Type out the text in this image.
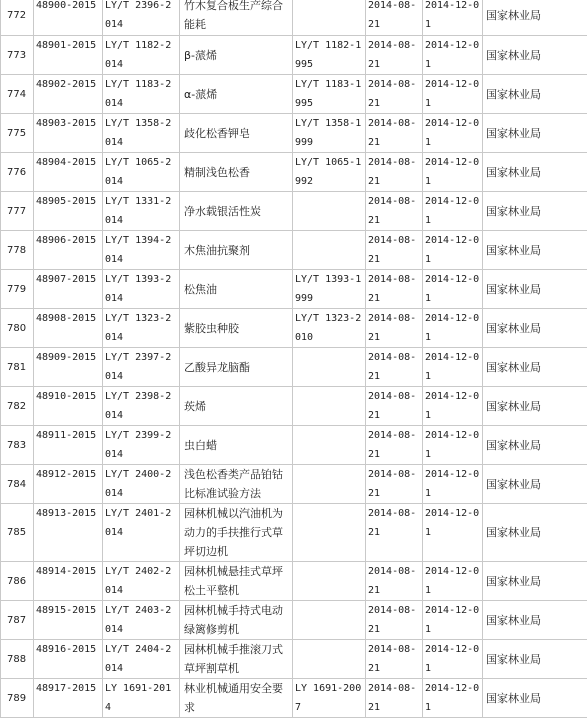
772	48900-2015	LY/T 2396-2014	竹木复合板生产综合能耗		2014-08-21	2014-12-01	国家林业局
773	48901-2015	LY/T 1182-2014	β-蒎烯	LY/T 1182-1995	2014-08-21	2014-12-01	国家林业局
774	48902-2015	LY/T 1183-2014	α-蒎烯	LY/T 1183-1995	2014-08-21	2014-12-01	国家林业局
775	48903-2015	LY/T 1358-2014	歧化松香钾皂	LY/T 1358-1999	2014-08-21	2014-12-01	国家林业局
776	48904-2015	LY/T 1065-2014	精制浅色松香	LY/T 1065-1992	2014-08-21	2014-12-01	国家林业局
777	48905-2015	LY/T 1331-2014	净水载银活性炭		2014-08-21	2014-12-01	国家林业局
778	48906-2015	LY/T 1394-2014	木焦油抗聚剂		2014-08-21	2014-12-01	国家林业局
779	48907-2015	LY/T 1393-2014	松焦油	LY/T 1393-1999	2014-08-21	2014-12-01	国家林业局
780	48908-2015	LY/T 1323-2014	紫胶虫种胶	LY/T 1323-2010	2014-08-21	2014-12-01	国家林业局
781	48909-2015	LY/T 2397-2014	乙酸异龙脑酯		2014-08-21	2014-12-01	国家林业局
782	48910-2015	LY/T 2398-2014	莰烯		2014-08-21	2014-12-01	国家林业局
783	48911-2015	LY/T 2399-2014	虫白蜡		2014-08-21	2014-12-01	国家林业局
784	48912-2015	LY/T 2400-2014	浅色松香类产品铂钴比标准试验方法		2014-08-21	2014-12-01	国家林业局
785	48913-2015	LY/T 2401-2014	园林机械以汽油机为动力的手扶推行式草坪切边机		2014-08-21	2014-12-01	国家林业局
786	48914-2015	LY/T 2402-2014	园林机械悬挂式草坪松土平整机		2014-08-21	2014-12-01	国家林业局
787	48915-2015	LY/T 2403-2014	园林机械手持式电动绿篱修剪机		2014-08-21	2014-12-01	国家林业局
788	48916-2015	LY/T 2404-2014	园林机械手推滚刀式草坪割草机		2014-08-21	2014-12-01	国家林业局
789	48917-2015	LY 1691-2014	林业机械通用安全要求	LY 1691-2007	2014-08-21	2014-12-01	国家林业局
